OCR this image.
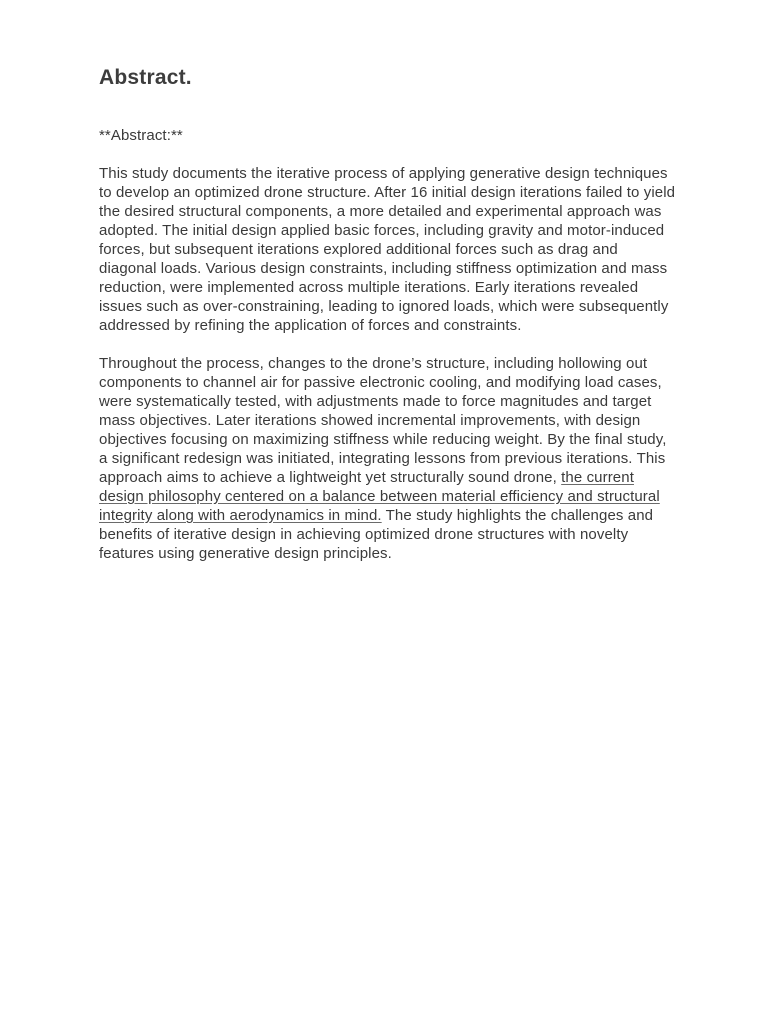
Abstract.

**Abstract:**

This study documents the iterative process of applying generative design techniques to develop an optimized drone structure. After 16 initial design iterations failed to yield the desired structural components, a more detailed and experimental approach was adopted. The initial design applied basic forces, including gravity and motor-induced forces, but subsequent iterations explored additional forces such as drag and diagonal loads. Various design constraints, including stiffness optimization and mass reduction, were implemented across multiple iterations. Early iterations revealed issues such as over-constraining, leading to ignored loads, which were subsequently addressed by refining the application of forces and constraints.

Throughout the process, changes to the drone’s structure, including hollowing out components to channel air for passive electronic cooling, and modifying load cases, were systematically tested, with adjustments made to force magnitudes and target mass objectives. Later iterations showed incremental improvements, with design objectives focusing on maximizing stiffness while reducing weight. By the final study, a significant redesign was initiated, integrating lessons from previous iterations. This approach aims to achieve a lightweight yet structurally sound drone, the current design philosophy centered on a balance between material efficiency and structural integrity along with aerodynamics in mind. The study highlights the challenges and benefits of iterative design in achieving optimized drone structures with novelty features using generative design principles.
